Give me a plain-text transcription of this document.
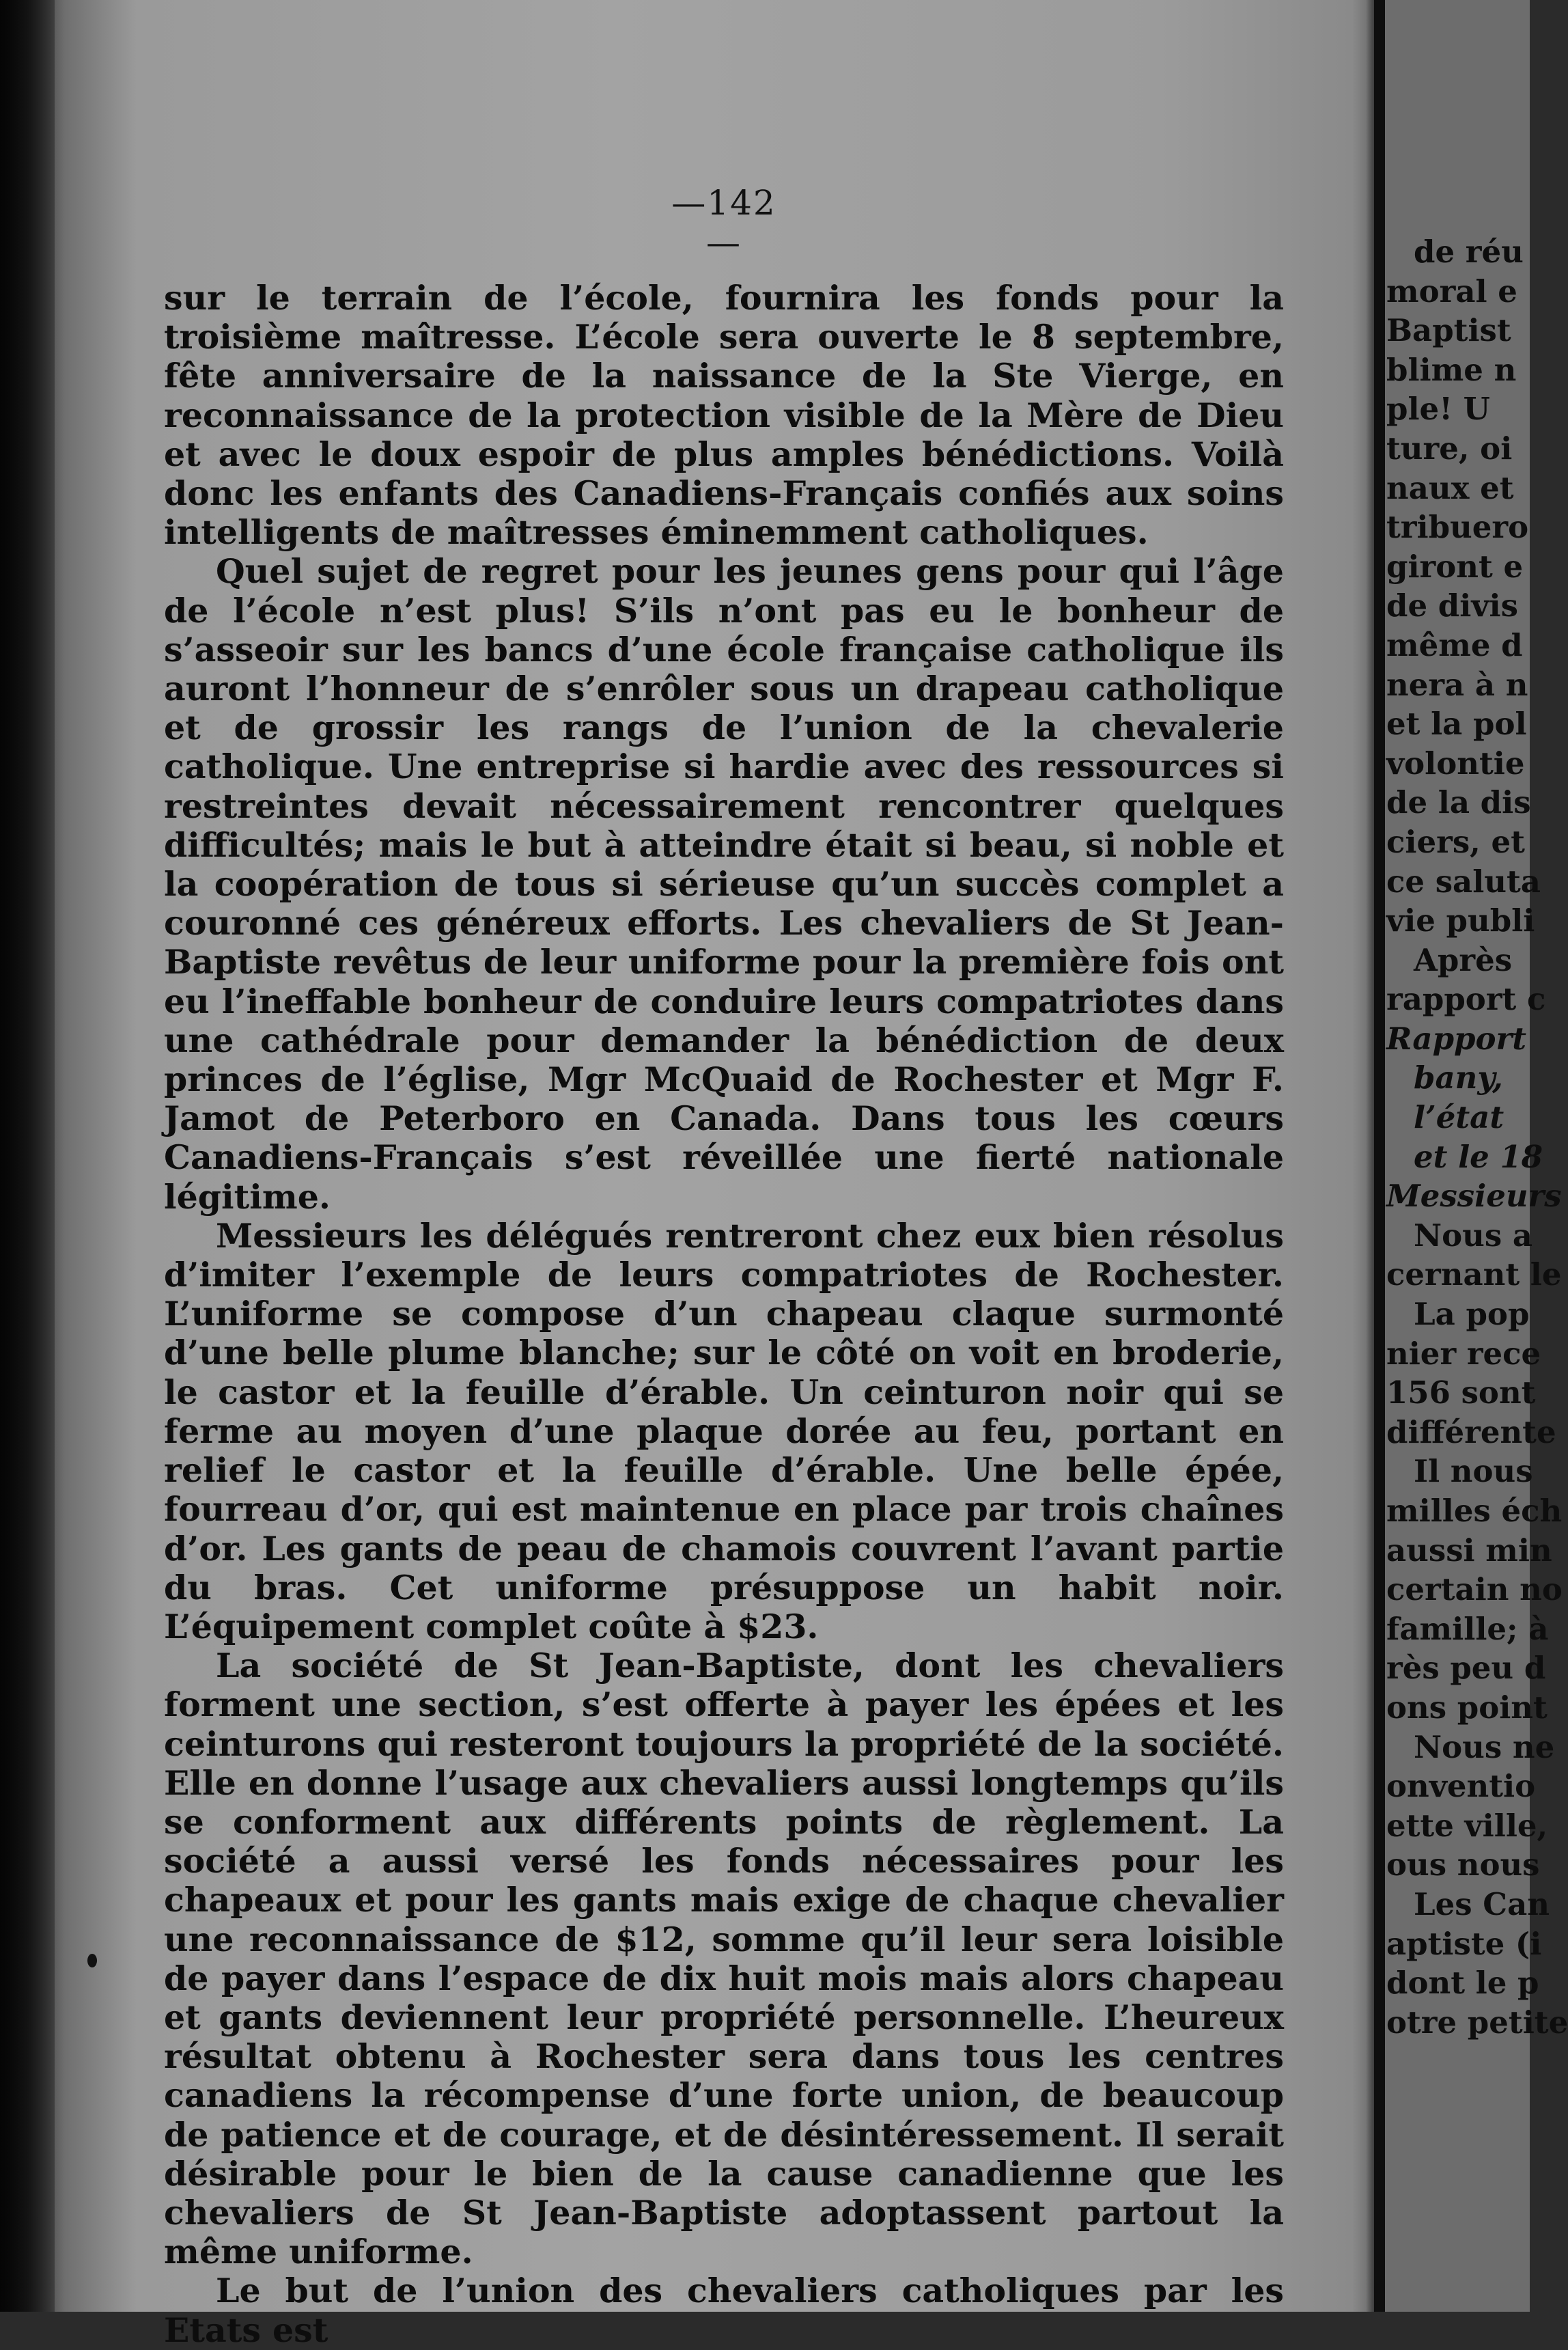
—142—

sur le terrain de l’école, fournira les fonds pour la troisième maîtresse. L’école sera ouverte le 8 septembre, fête anniversaire de la naissance de la Ste Vierge, en reconnaissance de la protection visible de la Mère de Dieu et avec le doux espoir de plus amples bénédictions. Voilà donc les enfants des Canadiens-Français confiés aux soins intelligents de maîtresses éminemment catholiques.

Quel sujet de regret pour les jeunes gens pour qui l’âge de l’école n’est plus! S’ils n’ont pas eu le bonheur de s’asseoir sur les bancs d’une école française catholique ils auront l’honneur de s’enrôler sous un drapeau catholique et de grossir les rangs de l’union de la chevalerie catholique. Une entreprise si hardie avec des ressources si restreintes devait nécessairement rencontrer quelques difficultés; mais le but à atteindre était si beau, si noble et la coopération de tous si sérieuse qu’un succès complet a couronné ces généreux efforts. Les chevaliers de St Jean-Baptiste revêtus de leur uniforme pour la première fois ont eu l’ineffable bonheur de conduire leurs compatriotes dans une cathédrale pour demander la bénédiction de deux princes de l’église, Mgr McQuaid de Rochester et Mgr F. Jamot de Peterboro en Canada. Dans tous les cœurs Canadiens-Français s’est réveillée une fierté nationale légitime.

Messieurs les délégués rentreront chez eux bien résolus d’imiter l’exemple de leurs compatriotes de Rochester. L’uniforme se compose d’un chapeau claque surmonté d’une belle plume blanche; sur le côté on voit en broderie, le castor et la feuille d’érable. Un ceinturon noir qui se ferme au moyen d’une plaque dorée au feu, portant en relief le castor et la feuille d’érable. Une belle épée, fourreau d’or, qui est maintenue en place par trois chaînes d’or. Les gants de peau de chamois couvrent l’avant partie du bras. Cet uniforme présuppose un habit noir. L’équipement complet coûte à $23.

La société de St Jean-Baptiste, dont les chevaliers forment une section, s’est offerte à payer les épées et les ceinturons qui resteront toujours la propriété de la société. Elle en donne l’usage aux chevaliers aussi longtemps qu’ils se conforment aux différents points de règlement. La société a aussi versé les fonds nécessaires pour les chapeaux et pour les gants mais exige de chaque chevalier une reconnaissance de $12, somme qu’il leur sera loisible de payer dans l’espace de dix huit mois mais alors chapeau et gants deviennent leur propriété personnelle. L’heureux résultat obtenu à Rochester sera dans tous les centres canadiens la récompense d’une forte union, de beaucoup de patience et de courage, et de désintéressement. Il serait désirable pour le bien de la cause canadienne que les chevaliers de St Jean-Baptiste adoptassent partout la même uniforme.

Le but de l’union des chevaliers catholiques par les Etats est

de réu
moral e
Baptist
blime n
ple! U
ture, oi
naux et
tribuero
giront e
de divis
même d
nera à n
et la pol
volontie
de la dis
ciers, et
ce saluta
vie publi
Après
rapport c
Rapport
bany,
l’état
et le 18
Messieurs
Nous a
cernant le
La pop
nier rece
156 sont
différente
Il nous
milles éch
aussi min
certain no
famille; à
rès peu d
ons point
Nous ne
onventio
ette ville,
ous nous
Les Can
aptiste (i
dont le p
otre petite
